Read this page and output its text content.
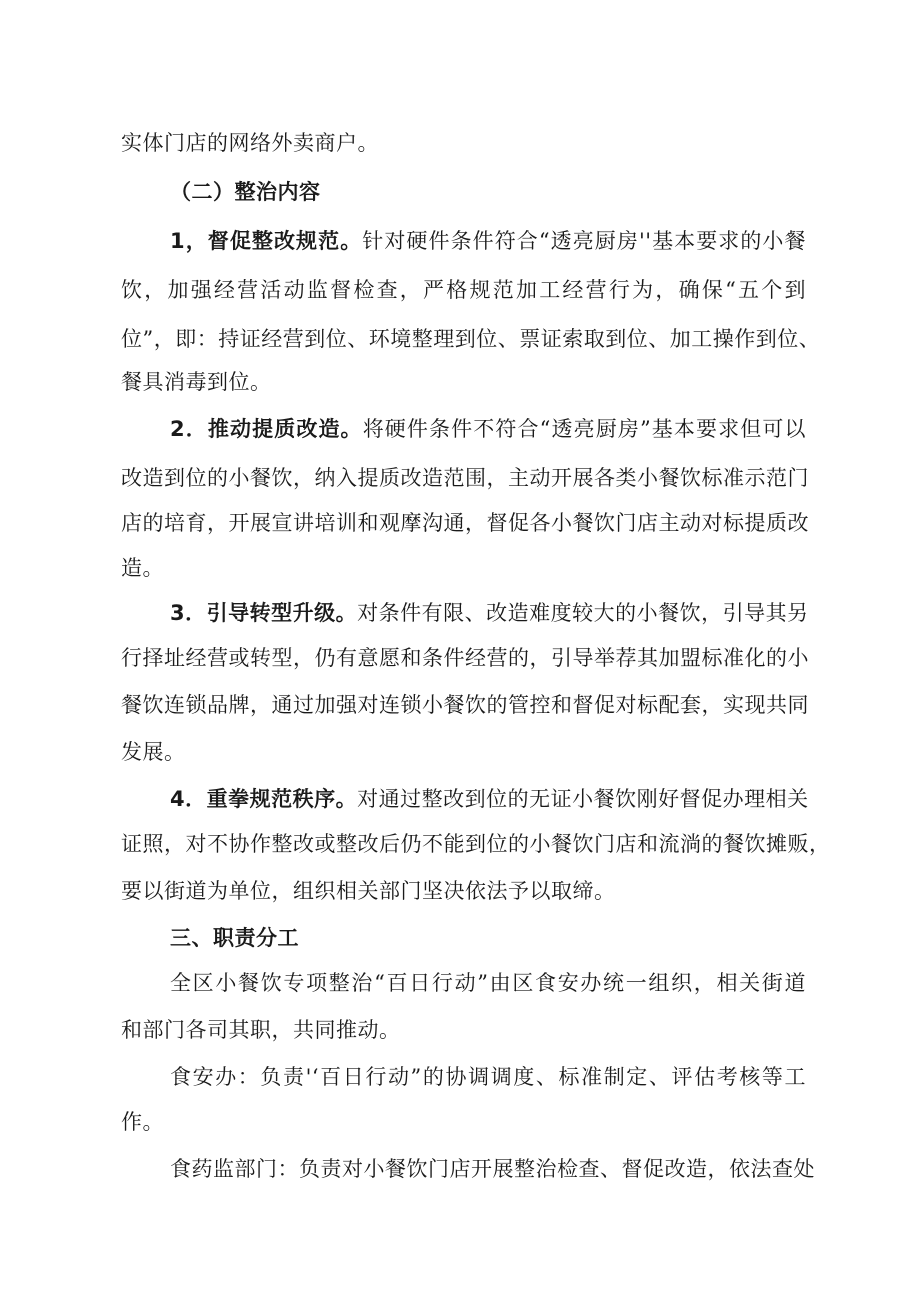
实体门店的网络外卖商户。
（二）整治内容
1，督促整改规范。针对硬件条件符合“透亮厨房''基本要求的小餐
饮，加强经营活动监督检查，严格规范加工经营行为，确保“五个到
位”，即：持证经营到位、环境整理到位、票证索取到位、加工操作到位、
餐具消毒到位。
2．推动提质改造。将硬件条件不符合“透亮厨房”基本要求但可以
改造到位的小餐饮，纳入提质改造范围，主动开展各类小餐饮标准示范门
店的培育，开展宣讲培训和观摩沟通，督促各小餐饮门店主动对标提质改
造。
3．引导转型升级。对条件有限、改造难度较大的小餐饮，引导其另
行择址经营或转型，仍有意愿和条件经营的，引导举荐其加盟标准化的小
餐饮连锁品牌，通过加强对连锁小餐饮的管控和督促对标配套，实现共同
发展。
4．重拳规范秩序。对通过整改到位的无证小餐饮刚好督促办理相关
证照，对不协作整改或整改后仍不能到位的小餐饮门店和流淌的餐饮摊贩，
要以街道为单位，组织相关部门坚决依法予以取缔。
三、职责分工
全区小餐饮专项整治“百日行动”由区食安办统一组织，相关街道
和部门各司其职，共同推动。
食安办：负责'‘百日行动”的协调调度、标准制定、评估考核等工
作。
食药监部门：负责对小餐饮门店开展整治检查、督促改造，依法查处
